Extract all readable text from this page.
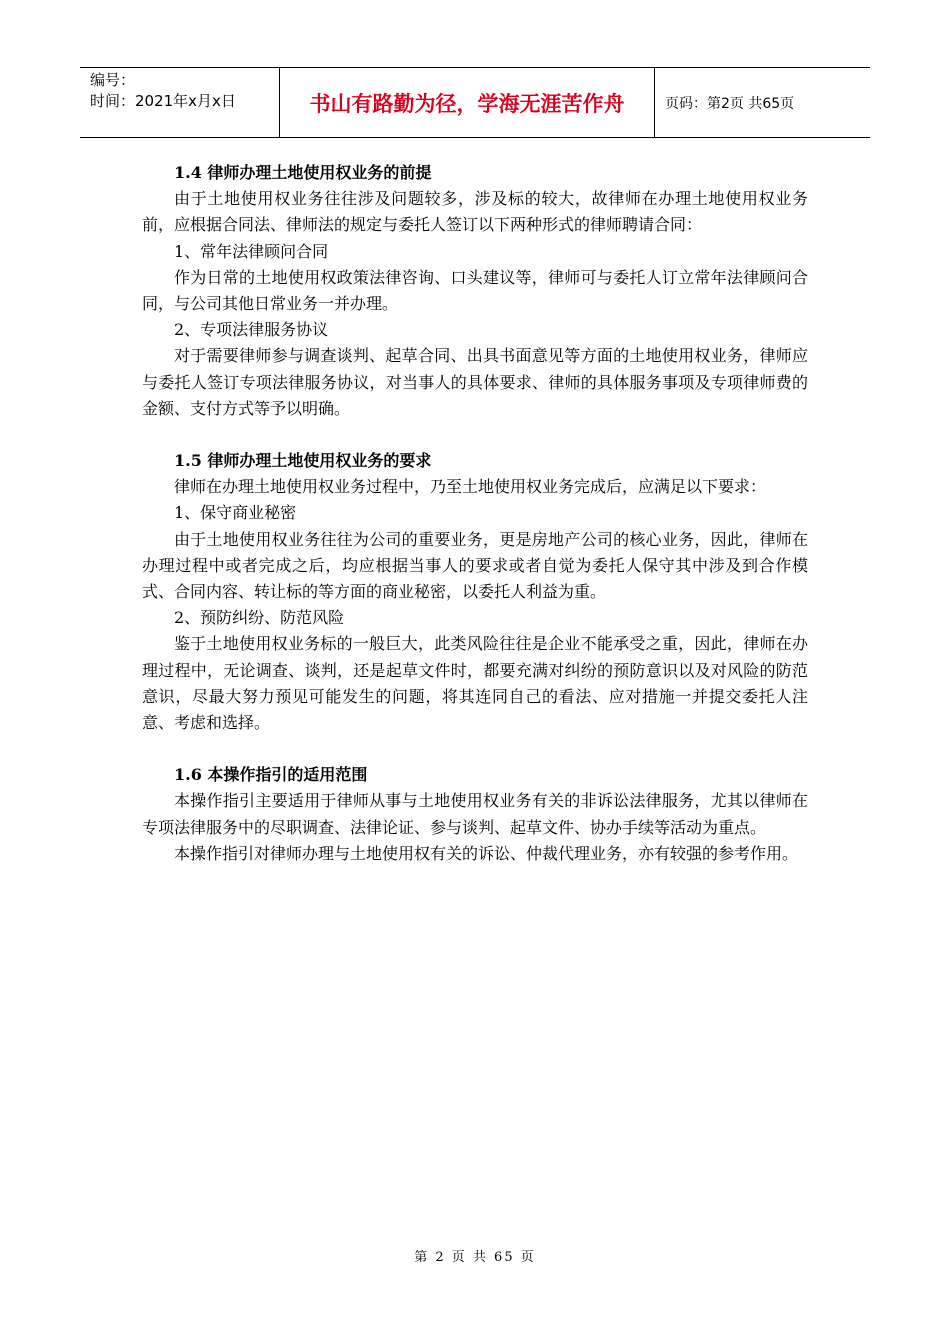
编号：
时间：2021年x月x日	书山有路勤为径，学海无涯苦作舟	页码：第2页 共65页
1.4 律师办理土地使用权业务的前提

由于土地使用权业务往往涉及问题较多，涉及标的较大，故律师在办理土地使用权业务前，应根据合同法、律师法的规定与委托人签订以下两种形式的律师聘请合同：

1、常年法律顾问合同

作为日常的土地使用权政策法律咨询、口头建议等，律师可与委托人订立常年法律顾问合同，与公司其他日常业务一并办理。

2、专项法律服务协议

对于需要律师参与调查谈判、起草合同、出具书面意见等方面的土地使用权业务，律师应与委托人签订专项法律服务协议，对当事人的具体要求、律师的具体服务事项及专项律师费的金额、支付方式等予以明确。

1.5 律师办理土地使用权业务的要求

律师在办理土地使用权业务过程中，乃至土地使用权业务完成后，应满足以下要求：

1、保守商业秘密

由于土地使用权业务往往为公司的重要业务，更是房地产公司的核心业务，因此，律师在办理过程中或者完成之后，均应根据当事人的要求或者自觉为委托人保守其中涉及到合作模式、合同内容、转让标的等方面的商业秘密，以委托人利益为重。

2、预防纠纷、防范风险

鉴于土地使用权业务标的一般巨大，此类风险往往是企业不能承受之重，因此，律师在办理过程中，无论调查、谈判，还是起草文件时，都要充满对纠纷的预防意识以及对风险的防范意识，尽最大努力预见可能发生的问题，将其连同自己的看法、应对措施一并提交委托人注意、考虑和选择。

1.6 本操作指引的适用范围

本操作指引主要适用于律师从事与土地使用权业务有关的非诉讼法律服务，尤其以律师在专项法律服务中的尽职调查、法律论证、参与谈判、起草文件、协办手续等活动为重点。

本操作指引对律师办理与土地使用权有关的诉讼、仲裁代理业务，亦有较强的参考作用。

第 2 页 共 65 页
